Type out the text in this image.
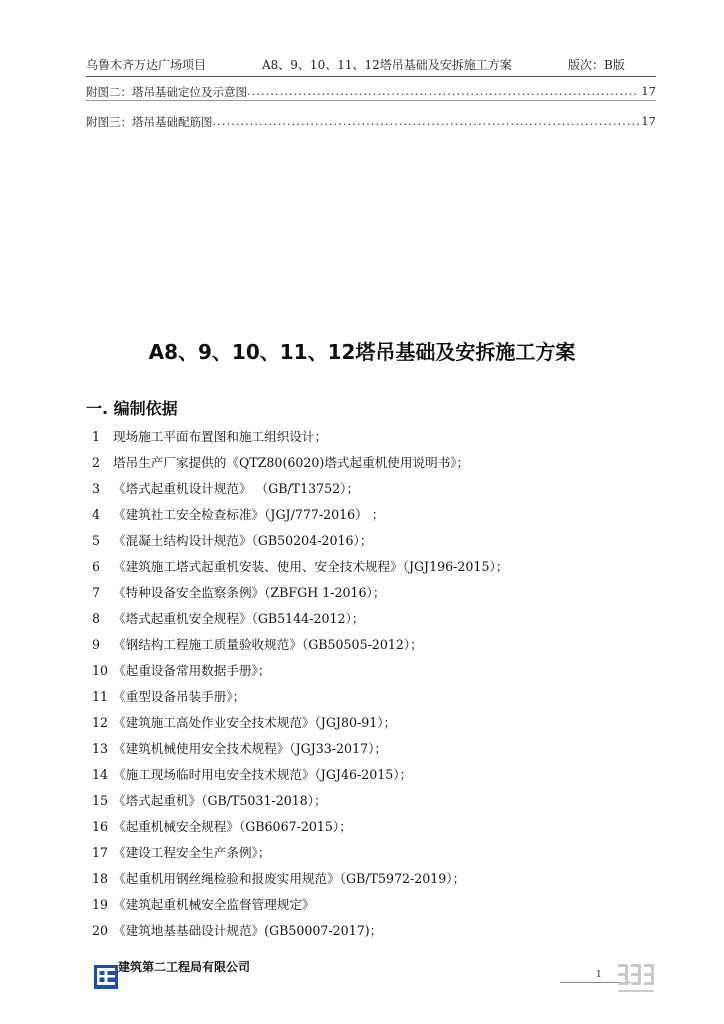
乌鲁木齐万达广场项目	A8、9、10、11、12塔吊基础及安拆施工方案	版次：B版
附图二：塔吊基础定位及示意图 .....	17
附图三：塔吊基础配筋图 .....	17
A8、9、10、11、12塔吊基础及安拆施工方案
一. 编制依据
1 现场施工平面布置图和施工组织设计；
2 塔吊生产厂家提供的《QTZ80(6020)塔式起重机使用说明书》；
3 《塔式起重机设计规范》 （GB/T13752）；
4 《建筑社工安全检查标准》（JGJ/777-2016） ；
5 《混凝土结构设计规范》（GB50204-2016）；
6 《建筑施工塔式起重机安装、使用、安全技术规程》（JGJ196-2015）；
7 《特种设备安全监察条例》（ZBFGH 1-2016）；
8 《塔式起重机安全规程》（GB5144-2012）；
9 《钢结构工程施工质量验收规范》（GB50505-2012）；
10 《起重设备常用数据手册》；
11 《重型设备吊装手册》；
12 《建筑施工高处作业安全技术规范》（JGJ80-91）；
13 《建筑机械使用安全技术规程》（JGJ33-2017）；
14 《施工现场临时用电安全技术规范》（JGJ46-2015）；
15 《塔式起重机》（GB/T5031-2018）；
16 《起重机械安全规程》（GB6067-2015）；
17 《建设工程安全生产条例》；
18 《起重机用钢丝绳检验和报废实用规范》（GB/T5972-2019）；
19 《建筑起重机械安全监督管理规定》
20 《建筑地基基础设计规范》(GB50007-2017)；
建筑第二工程局有限公司
1
